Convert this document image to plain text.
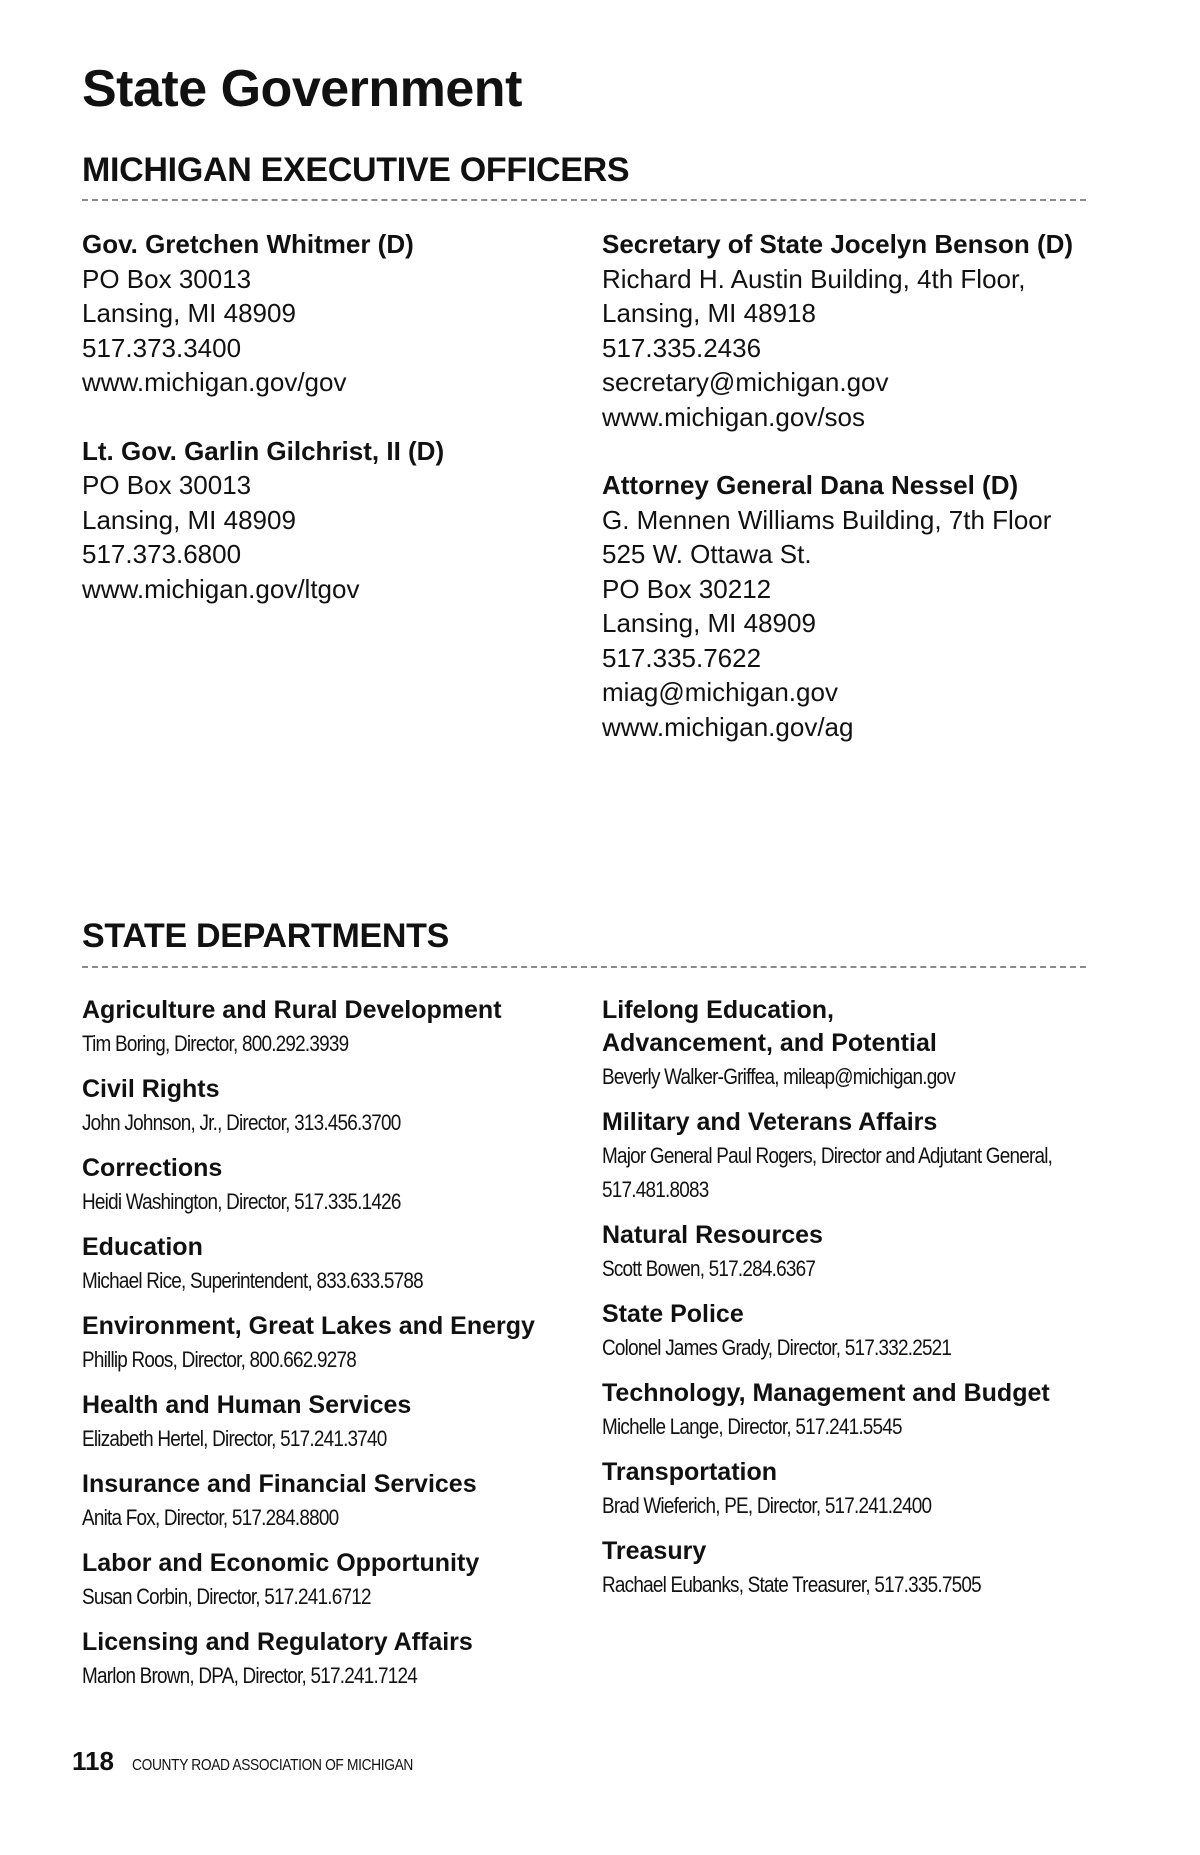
State Government
MICHIGAN EXECUTIVE OFFICERS
Gov. Gretchen Whitmer (D)
PO Box 30013
Lansing, MI 48909
517.373.3400
www.michigan.gov/gov
Lt. Gov. Garlin Gilchrist, II (D)
PO Box 30013
Lansing, MI 48909
517.373.6800
www.michigan.gov/ltgov
Secretary of State Jocelyn Benson (D)
Richard H. Austin Building, 4th Floor,
Lansing, MI 48918
517.335.2436
secretary@michigan.gov
www.michigan.gov/sos
Attorney General Dana Nessel (D)
G. Mennen Williams Building, 7th Floor
525 W. Ottawa St.
PO Box 30212
Lansing, MI 48909
517.335.7622
miag@michigan.gov
www.michigan.gov/ag
STATE DEPARTMENTS
Agriculture and Rural Development
Tim Boring, Director, 800.292.3939
Civil Rights
John Johnson, Jr., Director, 313.456.3700
Corrections
Heidi Washington, Director, 517.335.1426
Education
Michael Rice, Superintendent, 833.633.5788
Environment, Great Lakes and Energy
Phillip Roos, Director, 800.662.9278
Health and Human Services
Elizabeth Hertel, Director, 517.241.3740
Insurance and Financial Services
Anita Fox, Director, 517.284.8800
Labor and Economic Opportunity
Susan Corbin, Director, 517.241.6712
Licensing and Regulatory Affairs
Marlon Brown, DPA, Director, 517.241.7124
Lifelong Education, Advancement, and Potential
Beverly Walker-Griffea, mileap@michigan.gov
Military and Veterans Affairs
Major General Paul Rogers, Director and Adjutant General, 517.481.8083
Natural Resources
Scott Bowen, 517.284.6367
State Police
Colonel James Grady, Director, 517.332.2521
Technology, Management and Budget
Michelle Lange, Director, 517.241.5545
Transportation
Brad Wieferich, PE, Director, 517.241.2400
Treasury
Rachael Eubanks, State Treasurer, 517.335.7505
118 COUNTY ROAD ASSOCIATION OF MICHIGAN
